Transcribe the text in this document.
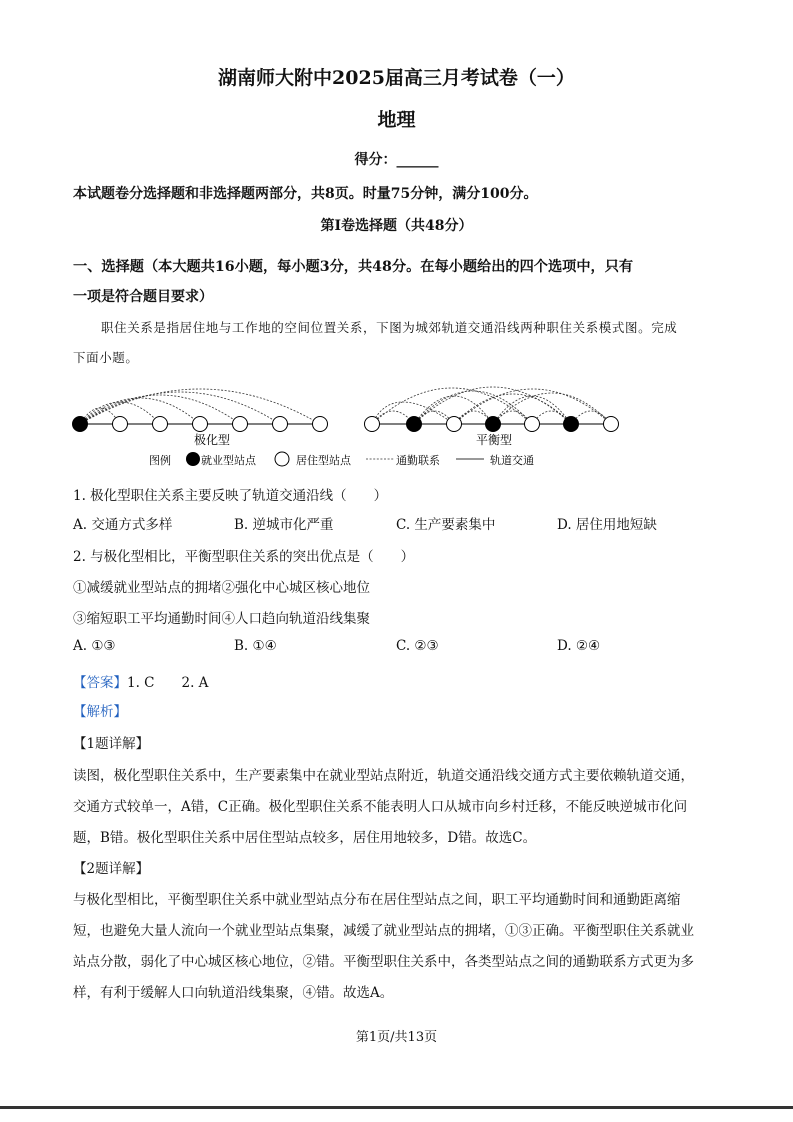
湖南师大附中2025届高三月考试卷（一）
地理
得分：______
本试题卷分选择题和非选择题两部分，共8页。时量75分钟，满分100分。
第Ⅰ卷选择题（共48分）
一、选择题（本大题共16小题，每小题3分，共48分。在每小题给出的四个选项中，只有
一项是符合题目要求）
职住关系是指居住地与工作地的空间位置关系，下图为城郊轨道交通沿线两种职住关系模式图。完成
下面小题。
极化型	平衡型
图例	就业型站点	居住型站点	通勤联系	轨道交通
1. 极化型职住关系主要反映了轨道交通沿线（　　）
A. 交通方式多样	B. 逆城市化严重	C. 生产要素集中	D. 居住用地短缺
2. 与极化型相比，平衡型职住关系的突出优点是（　　）
①减缓就业型站点的拥堵②强化中心城区核心地位
③缩短职工平均通勤时间④人口趋向轨道沿线集聚
A. ①③	B. ①④	C. ②③	D. ②④
【答案】1. C　　2. A
【解析】
【1题详解】
读图，极化型职住关系中，生产要素集中在就业型站点附近，轨道交通沿线交通方式主要依赖轨道交通，
交通方式较单一，A错，C正确。极化型职住关系不能表明人口从城市向乡村迁移，不能反映逆城市化问
题，B错。极化型职住关系中居住型站点较多，居住用地较多，D错。故选C。
【2题详解】
与极化型相比，平衡型职住关系中就业型站点分布在居住型站点之间，职工平均通勤时间和通勤距离缩
短，也避免大量人流向一个就业型站点集聚，减缓了就业型站点的拥堵，①③正确。平衡型职住关系就业
站点分散，弱化了中心城区核心地位，②错。平衡型职住关系中，各类型站点之间的通勤联系方式更为多
样，有利于缓解人口向轨道沿线集聚，④错。故选A。
第1页/共13页
